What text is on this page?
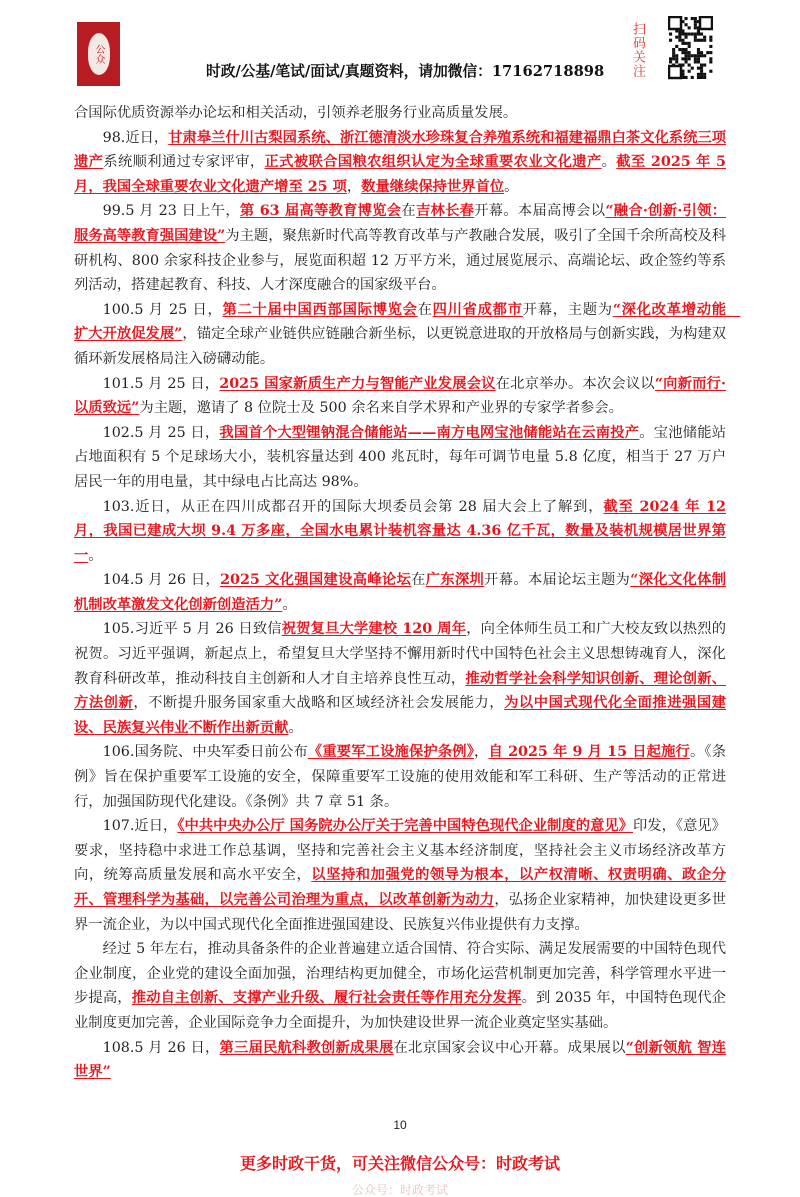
公众
时政/公基/笔试/面试/真题资料，请加微信：17162718898	扫码关注
合国际优质资源举办论坛和相关活动，引领养老服务行业高质量发展。
98.近日，甘肃皋兰什川古梨园系统、浙江德清淡水珍珠复合养殖系统和福建福鼎白茶文化系统三项遗产系统顺利通过专家评审，正式被联合国粮农组织认定为全球重要农业文化遗产。截至 2025 年 5 月，我国全球重要农业文化遗产增至 25 项，数量继续保持世界首位。
99.5 月 23 日上午，第 63 届高等教育博览会在吉林长春开幕。本届高博会以“融合·创新·引领：服务高等教育强国建设”为主题，聚焦新时代高等教育改革与产教融合发展，吸引了全国千余所高校及科研机构、800 余家科技企业参与，展览面积超 12 万平方米，通过展览展示、高端论坛、政企签约等系列活动，搭建起教育、科技、人才深度融合的国家级平台。
100.5 月 25 日，第二十届中国西部国际博览会在四川省成都市开幕，主题为“深化改革增动能　扩大开放促发展”，锚定全球产业链供应链融合新坐标，以更锐意进取的开放格局与创新实践，为构建双循环新发展格局注入磅礴动能。
101.5 月 25 日，2025 国家新质生产力与智能产业发展会议在北京举办。本次会议以“向新而行·以质致远”为主题，邀请了 8 位院士及 500 余名来自学术界和产业界的专家学者参会。
102.5 月 25 日，我国首个大型锂钠混合储能站——南方电网宝池储能站在云南投产。宝池储能站占地面积有 5 个足球场大小，装机容量达到 400 兆瓦时，每年可调节电量 5.8 亿度，相当于 27 万户居民一年的用电量，其中绿电占比高达 98%。
103.近日，从正在四川成都召开的国际大坝委员会第 28 届大会上了解到，截至 2024 年 12 月，我国已建成大坝 9.4 万多座，全国水电累计装机容量达 4.36 亿千瓦，数量及装机规模居世界第一。
104.5 月 26 日，2025 文化强国建设高峰论坛在广东深圳开幕。本届论坛主题为“深化文化体制机制改革激发文化创新创造活力”。
105.习近平 5 月 26 日致信祝贺复旦大学建校 120 周年，向全体师生员工和广大校友致以热烈的祝贺。习近平强调，新起点上，希望复旦大学坚持不懈用新时代中国特色社会主义思想铸魂育人，深化教育科研改革，推动科技自主创新和人才自主培养良性互动，推动哲学社会科学知识创新、理论创新、方法创新，不断提升服务国家重大战略和区域经济社会发展能力，为以中国式现代化全面推进强国建设、民族复兴伟业不断作出新贡献。
106.国务院、中央军委日前公布《重要军工设施保护条例》，自 2025 年 9 月 15 日起施行。《条例》旨在保护重要军工设施的安全，保障重要军工设施的使用效能和军工科研、生产等活动的正常进行，加强国防现代化建设。《条例》共 7 章 51 条。
107.近日，《中共中央办公厅 国务院办公厅关于完善中国特色现代企业制度的意见》印发，《意见》要求，坚持稳中求进工作总基调，坚持和完善社会主义基本经济制度，坚持社会主义市场经济改革方向，统筹高质量发展和高水平安全，以坚持和加强党的领导为根本，以产权清晰、权责明确、政企分开、管理科学为基础，以完善公司治理为重点，以改革创新为动力，弘扬企业家精神，加快建设更多世界一流企业，为以中国式现代化全面推进强国建设、民族复兴伟业提供有力支撑。
经过 5 年左右，推动具备条件的企业普遍建立适合国情、符合实际、满足发展需要的中国特色现代企业制度，企业党的建设全面加强，治理结构更加健全，市场化运营机制更加完善，科学管理水平进一步提高，推动自主创新、支撑产业升级、履行社会责任等作用充分发挥。到 2035 年，中国特色现代企业制度更加完善，企业国际竞争力全面提升，为加快建设世界一流企业奠定坚实基础。
108.5 月 26 日，第三届民航科教创新成果展在北京国家会议中心开幕。成果展以“创新领航 智连世界”
10
更多时政干货，可关注微信公众号：时政考试
公众号：时政考试
